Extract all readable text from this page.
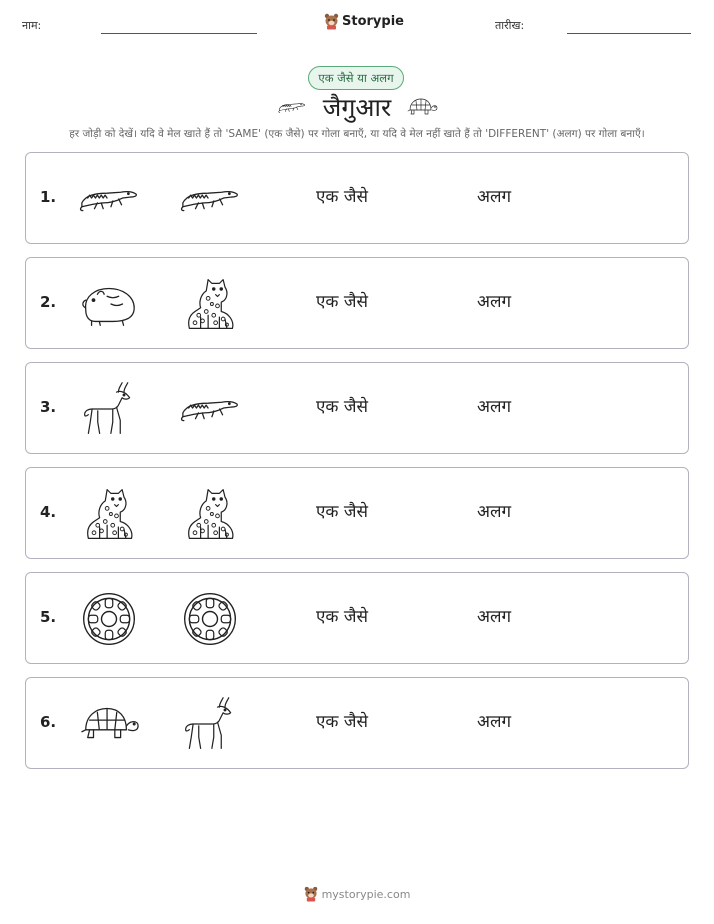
नाम:	Storypie	तारीख:
एक जैसे या अलग
जैगुआर
हर जोड़ी को देखें। यदि वे मेल खाते हैं तो 'SAME' (एक जैसे) पर गोला बनाएँ, या यदि वे मेल नहीं खाते हैं तो 'DIFFERENT' (अलग) पर गोला बनाएँ।
1.	एक जैसे	अलग
2.	एक जैसे	अलग
3.	एक जैसे	अलग
4.	एक जैसे	अलग
5.	एक जैसे	अलग
6.	एक जैसे	अलग
mystorypie.com
